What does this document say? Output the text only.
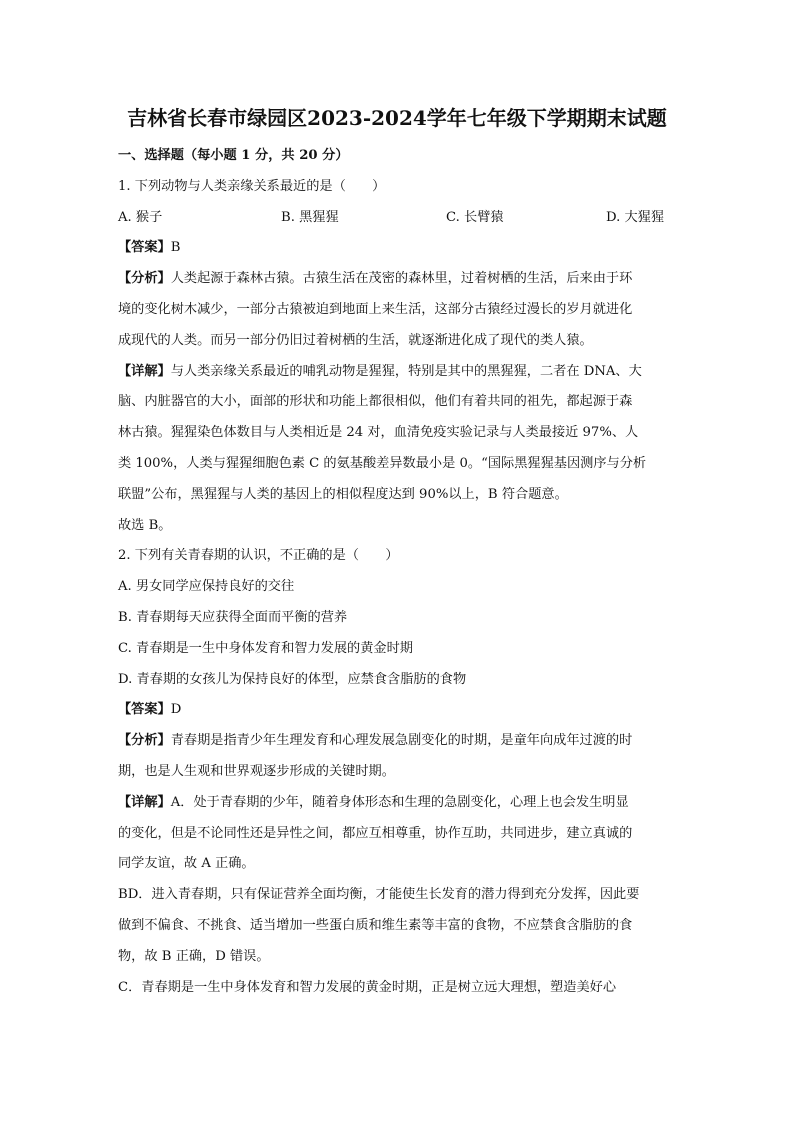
吉林省长春市绿园区2023-2024学年七年级下学期期末试题
一、选择题（每小题 1 分，共 20 分）
1. 下列动物与人类亲缘关系最近的是（　　）
A. 猴子	B. 黑猩猩	C. 长臂猿	D. 大猩猩
【答案】B
【分析】人类起源于森林古猿。古猿生活在茂密的森林里，过着树栖的生活，后来由于环
境的变化树木减少，一部分古猿被迫到地面上来生活，这部分古猿经过漫长的岁月就进化
成现代的人类。而另一部分仍旧过着树栖的生活，就逐渐进化成了现代的类人猿。
【详解】与人类亲缘关系最近的哺乳动物是猩猩，特别是其中的黑猩猩，二者在 DNA、大
脑、内脏器官的大小，面部的形状和功能上都很相似，他们有着共同的祖先，都起源于森
林古猿。猩猩染色体数目与人类相近是 24 对，血清免疫实验记录与人类最接近 97%、人
类 100%，人类与猩猩细胞色素 C 的氨基酸差异数最小是 0。“国际黑猩猩基因测序与分析
联盟”公布，黑猩猩与人类的基因上的相似程度达到 90%以上，B 符合题意。
故选 B。
2. 下列有关青春期的认识，不正确的是（　　）
A. 男女同学应保持良好的交往
B. 青春期每天应获得全面而平衡的营养
C. 青春期是一生中身体发育和智力发展的黄金时期
D. 青春期的女孩儿为保持良好的体型，应禁食含脂肪的食物
【答案】D
【分析】青春期是指青少年生理发育和心理发展急剧变化的时期，是童年向成年过渡的时
期，也是人生观和世界观逐步形成的关键时期。
【详解】A．处于青春期的少年，随着身体形态和生理的急剧变化，心理上也会发生明显
的变化，但是不论同性还是异性之间，都应互相尊重，协作互助，共同进步，建立真诚的
同学友谊，故 A 正确。
BD．进入青春期，只有保证营养全面均衡，才能使生长发育的潜力得到充分发挥，因此要
做到不偏食、不挑食、适当增加一些蛋白质和维生素等丰富的食物，不应禁食含脂肪的食
物，故 B 正确，D 错误。
C．青春期是一生中身体发育和智力发展的黄金时期，正是树立远大理想，塑造美好心
